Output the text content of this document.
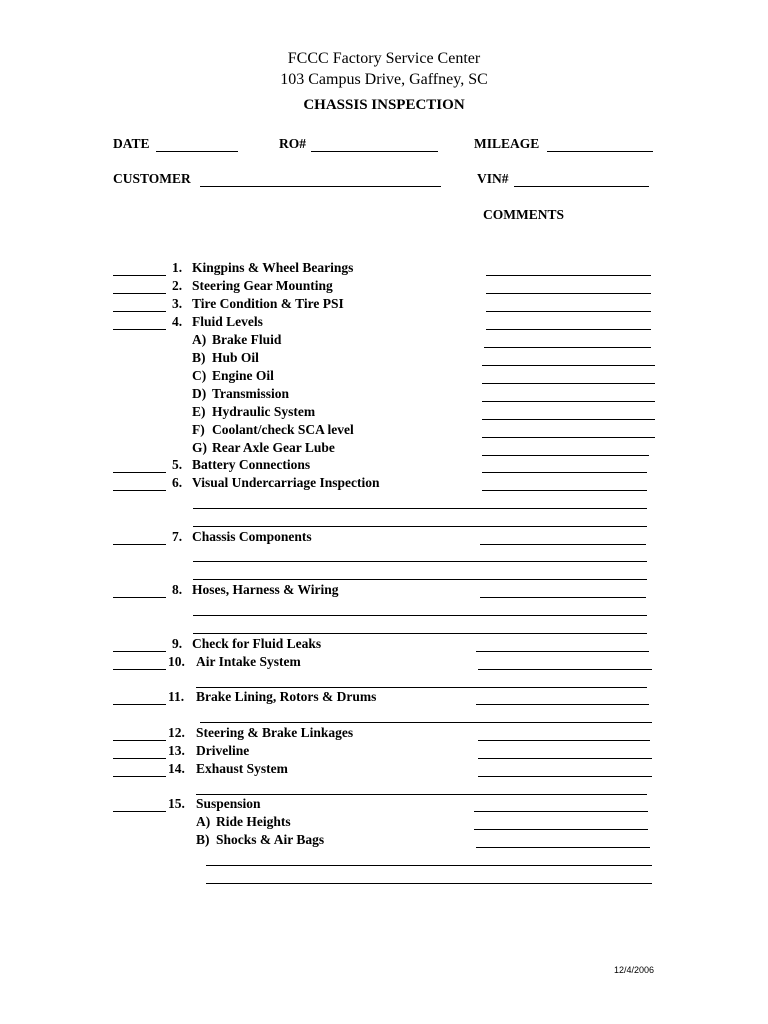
FCCC Factory Service Center
103 Campus Drive, Gaffney, SC
CHASSIS INSPECTION
DATE	RO#	MILEAGE
CUSTOMER	VIN#
COMMENTS
1. Kingpins & Wheel Bearings
2. Steering Gear Mounting
3. Tire Condition & Tire PSI
4. Fluid Levels
A) Brake Fluid
B) Hub Oil
C) Engine Oil
D) Transmission
E) Hydraulic System
F) Coolant/check SCA level
G) Rear Axle Gear Lube
5. Battery Connections
6. Visual Undercarriage Inspection
7. Chassis Components
8. Hoses, Harness & Wiring
9. Check for Fluid Leaks
10. Air Intake System
11. Brake Lining, Rotors & Drums
12. Steering & Brake Linkages
13. Driveline
14. Exhaust System
15. Suspension
A) Ride Heights
B) Shocks & Air Bags
12/4/2006
